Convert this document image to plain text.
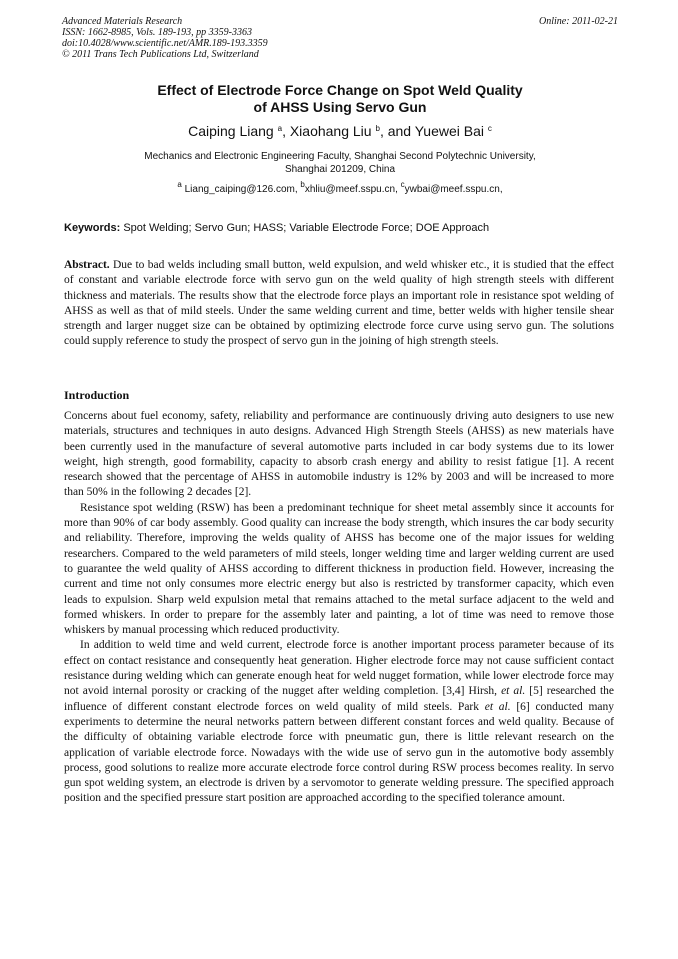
Advanced Materials Research
ISSN: 1662-8985, Vols. 189-193, pp 3359-3363
doi:10.4028/www.scientific.net/AMR.189-193.3359
© 2011 Trans Tech Publications Ltd, Switzerland
Online: 2011-02-21
Effect of Electrode Force Change on Spot Weld Quality
of AHSS Using Servo Gun
Caiping Liang $^a$, Xiaohang Liu $^b$, and Yuewei Bai $^c$
Mechanics and Electronic Engineering Faculty, Shanghai Second Polytechnic University,
Shanghai 201209, China
$^a$ Liang_caiping@126.com, $^b$xhliu@meef.sspu.cn, $^c$ywbai@meef.sspu.cn,
Keywords: Spot Welding; Servo Gun; HASS; Variable Electrode Force; DOE Approach

Abstract. Due to bad welds including small button, weld expulsion, and weld whisker etc., it is studied that the effect of constant and variable electrode force with servo gun on the weld quality of high strength steels with different thickness and materials. The results show that the electrode force plays an important role in resistance spot welding of AHSS as well as that of mild steels. Under the same welding current and time, better welds with higher tensile shear strength and larger nugget size can be obtained by optimizing electrode force curve using servo gun. The solutions could supply reference to study the prospect of servo gun in the joining of high strength steels.

Introduction

Concerns about fuel economy, safety, reliability and performance are continuously driving auto designers to use new materials, structures and techniques in auto designs. Advanced High Strength Steels (AHSS) as new materials have been currently used in the manufacture of several automotive parts included in car body systems due to its lower weight, high strength, good formability, capacity to absorb crash energy and ability to resist fatigue [1]. A recent research showed that the percentage of AHSS in automobile industry is 12% by 2003 and will be increased to more than 50% in the following 2 decades [2].

Resistance spot welding (RSW) has been a predominant technique for sheet metal assembly since it accounts for more than 90% of car body assembly. Good quality can increase the body strength, which insures the car body security and reliability. Therefore, improving the welds quality of AHSS has become one of the major issues for welding researchers. Compared to the weld parameters of mild steels, longer welding time and larger welding current are used to guarantee the weld quality of AHSS according to different thickness in production field. However, increasing the current and time not only consumes more electric energy but also is restricted by transformer capacity, which even leads to expulsion. Sharp weld expulsion metal that remains attached to the metal surface adjacent to the weld and formed whiskers. In order to prepare for the assembly later and painting, a lot of time was need to remove those whiskers by manual processing which reduced productivity.

In addition to weld time and weld current, electrode force is another important process parameter because of its effect on contact resistance and consequently heat generation. Higher electrode force may not cause sufficient contact resistance during welding which can generate enough heat for weld nugget formation, while lower electrode force may not avoid internal porosity or cracking of the nugget after welding completion. [3,4] Hirsh, et al. [5] researched the influence of different constant electrode forces on weld quality of mild steels. Park et al. [6] conducted many experiments to determine the neural networks pattern between different constant forces and weld quality. Because of the difficulty of obtaining variable electrode force with pneumatic gun, there is little relevant research on the application of variable electrode force. Nowadays with the wide use of servo gun in the automotive body assembly process, good solutions to realize more accurate electrode force control during RSW process becomes reality. In servo gun spot welding system, an electrode is driven by a servomotor to generate welding pressure. The specified approach position and the specified pressure start position are approached according to the specified tolerance amount.
